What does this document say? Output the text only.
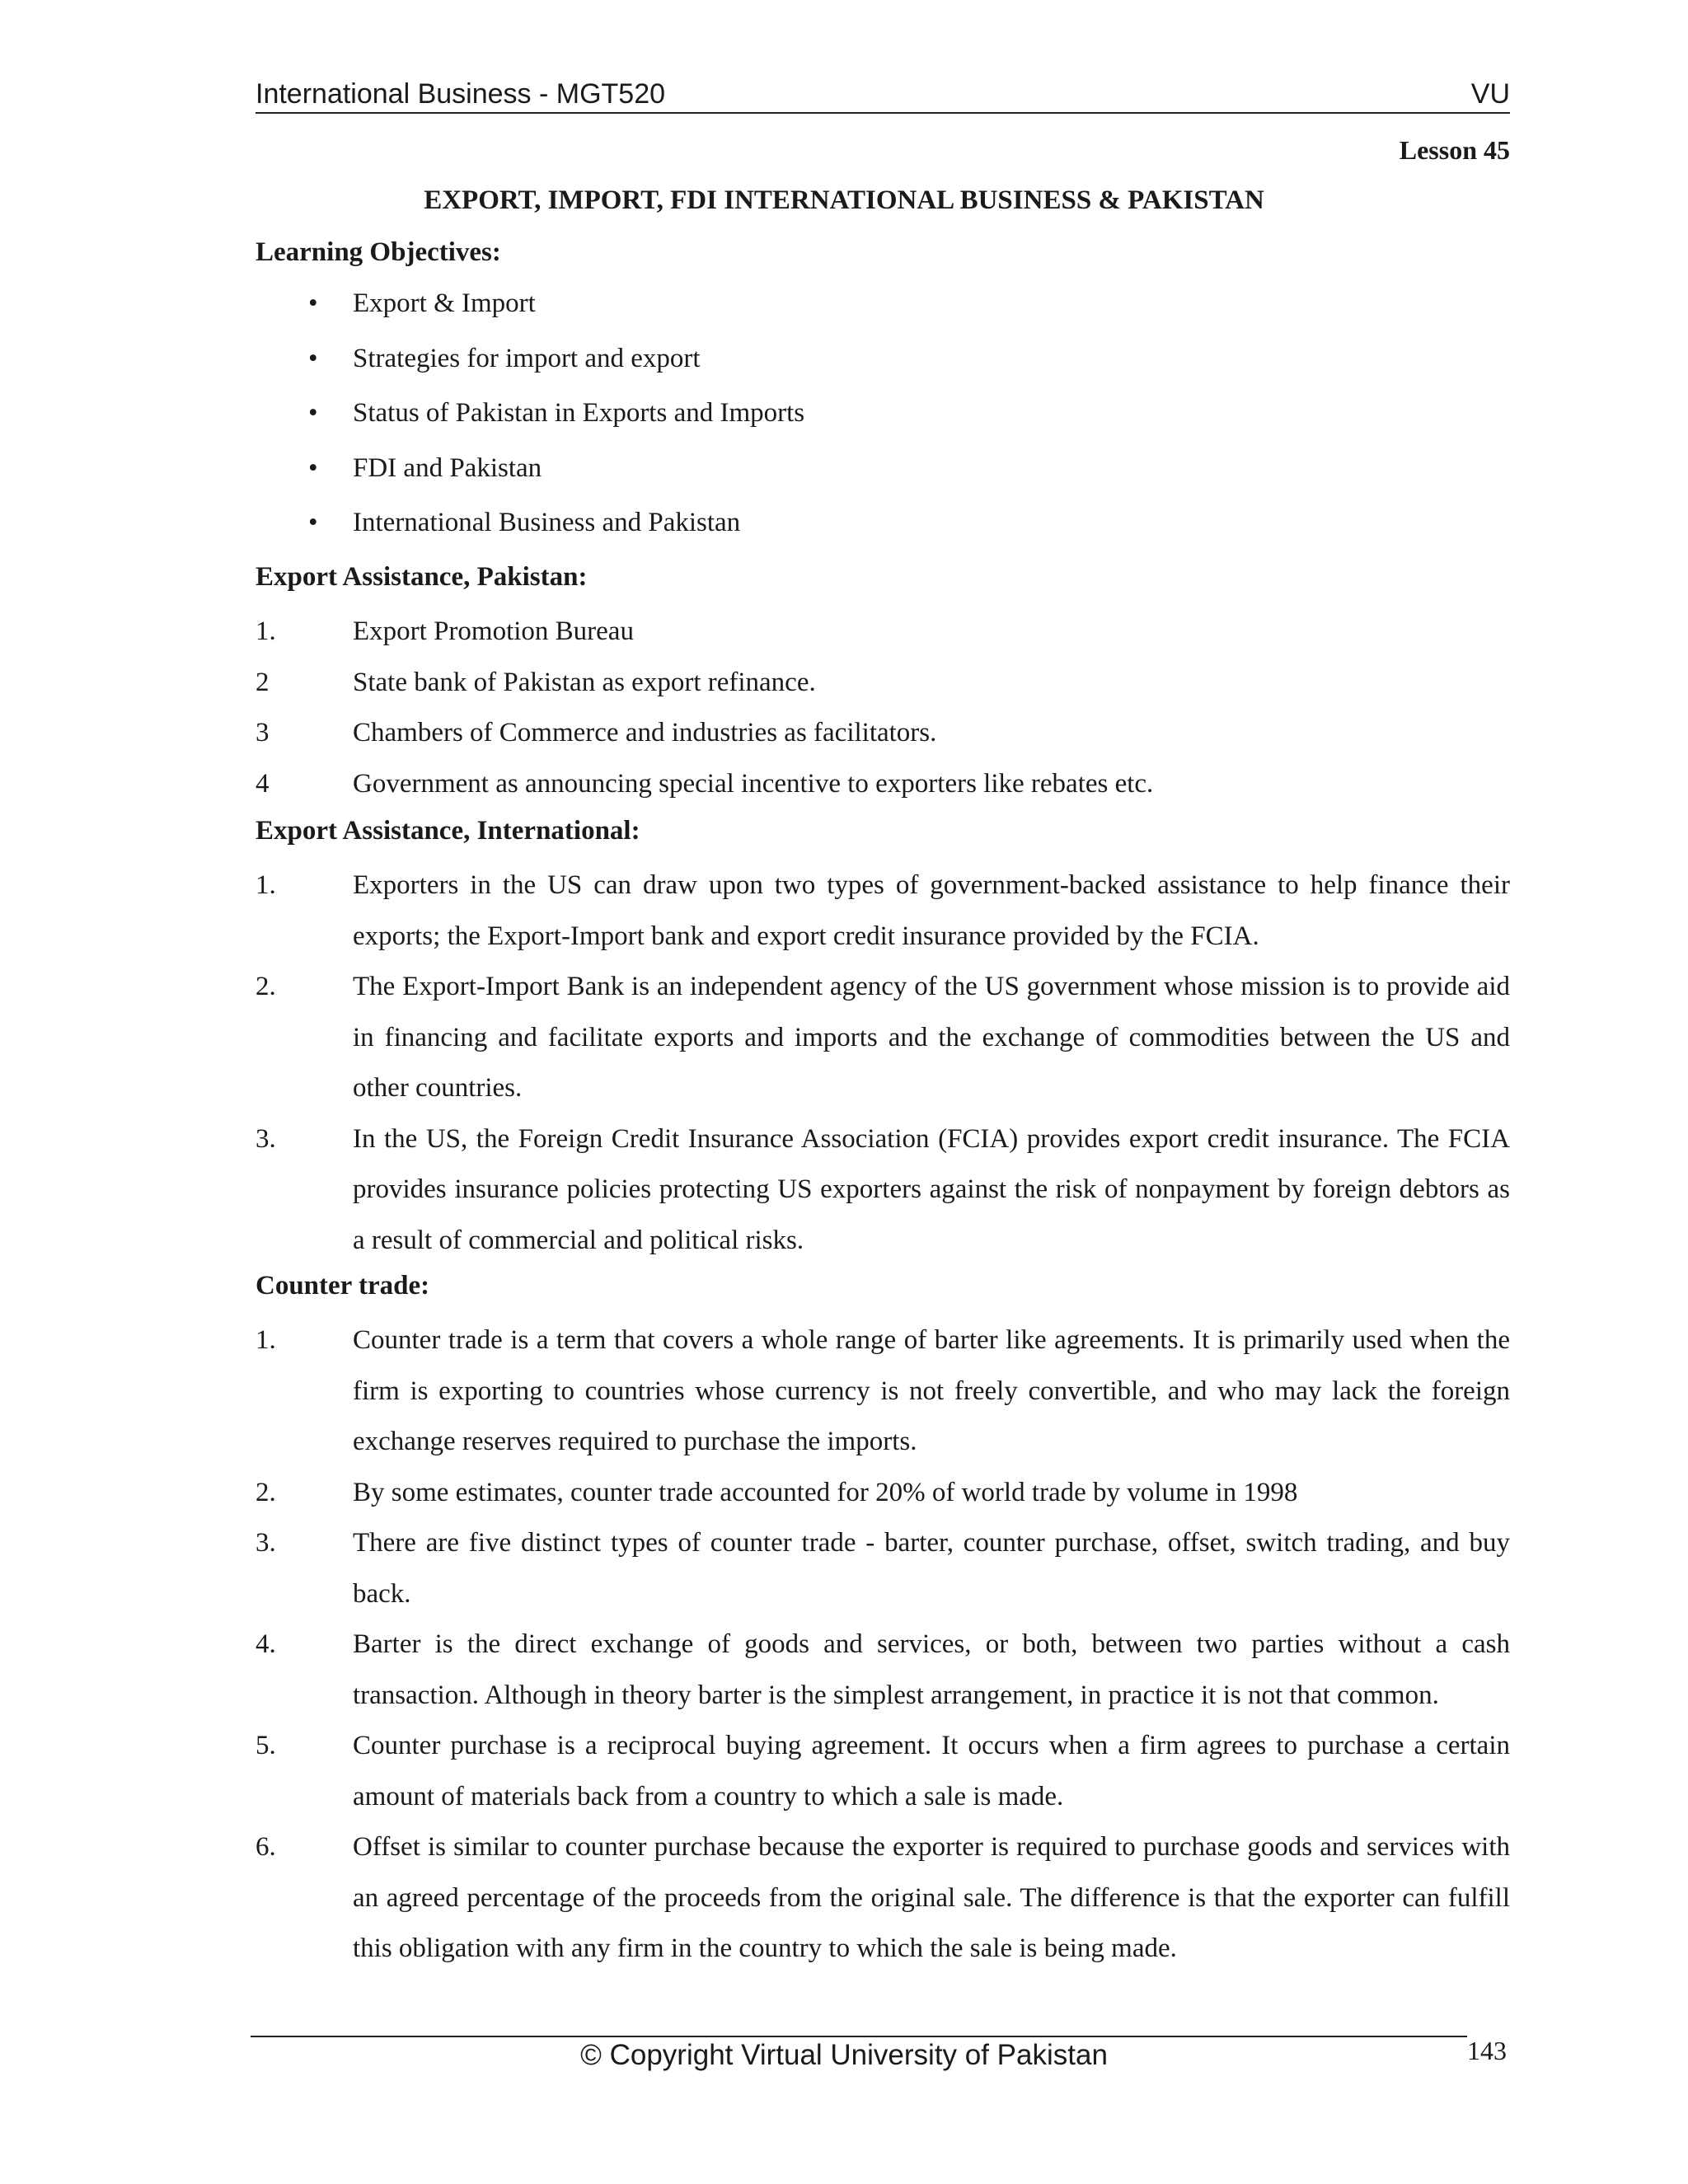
International Business - MGT520	VU
Lesson 45
EXPORT, IMPORT, FDI INTERNATIONAL BUSINESS & PAKISTAN
Learning Objectives:
• Export & Import
• Strategies for import and export
• Status of Pakistan in Exports and Imports
• FDI and Pakistan
• International Business and Pakistan
Export Assistance, Pakistan:
1.	Export Promotion Bureau
2	State bank of Pakistan as export refinance.
3	Chambers of Commerce and industries as facilitators.
4	Government as announcing special incentive to exporters like rebates etc.
Export Assistance, International:
1.	Exporters in the US can draw upon two types of government-backed assistance to help finance their exports; the Export-Import bank and export credit insurance provided by the FCIA.
2.	The Export-Import Bank is an independent agency of the US government whose mission is to provide aid in financing and facilitate exports and imports and the exchange of commodities between the US and other countries.
3.	In the US, the Foreign Credit Insurance Association (FCIA) provides export credit insurance. The FCIA provides insurance policies protecting US exporters against the risk of nonpayment by foreign debtors as a result of commercial and political risks.
Counter trade:
1.	Counter trade is a term that covers a whole range of barter like agreements. It is primarily used when the firm is exporting to countries whose currency is not freely convertible, and who may lack the foreign exchange reserves required to purchase the imports.
2.	By some estimates, counter trade accounted for 20% of world trade by volume in 1998
3.	There are five distinct types of counter trade - barter, counter purchase, offset, switch trading, and buy back.
4.	Barter is the direct exchange of goods and services, or both, between two parties without a cash transaction. Although in theory barter is the simplest arrangement, in practice it is not that common.
5.	Counter purchase is a reciprocal buying agreement. It occurs when a firm agrees to purchase a certain amount of materials back from a country to which a sale is made.
6.	Offset is similar to counter purchase because the exporter is required to purchase goods and services with an agreed percentage of the proceeds from the original sale. The difference is that the exporter can fulfill this obligation with any firm in the country to which the sale is being made.
© Copyright Virtual University of Pakistan	143
